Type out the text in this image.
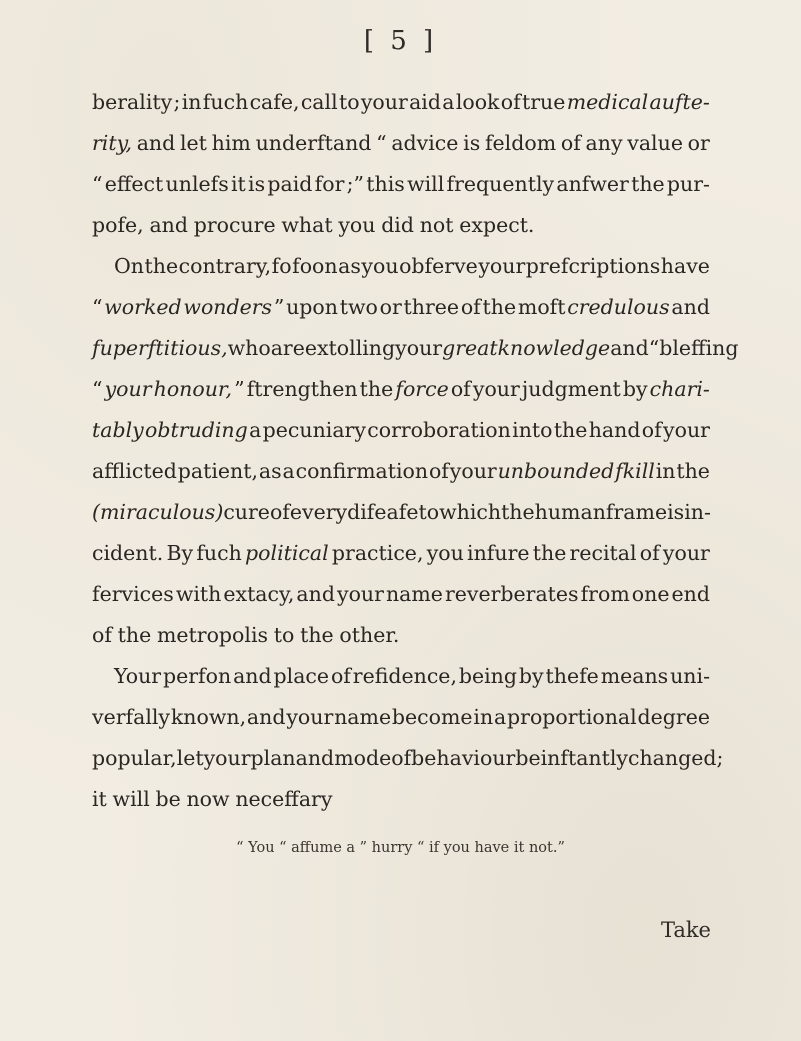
[ 5 ]
berality ; in fuch cafe, call to your aid a look of true medical aufte-
rity, and let him underftand “ advice is feldom of any value or
“ effect unlefs it is paid for ;” this will frequently anfwer the pur-
pofe, and procure what you did not expect.
On the contrary, fo foon as you obferve your prefcriptions have
“ worked wonders ” upon two or three of the moft credulous and
fuperftitious, who are extolling your great knowledge and “ bleffing
“ your honour, ” ftrengthen the force of your judgment by chari-
tably obtruding a pecuniary corroboration into the hand of your
afflicted patient, as a confirmation of your unbounded fkill in the
(miraculous) cure of every difeafe to which the human frame is in-
cident. By fuch political practice, you infure the recital of your
fervices with extacy, and your name reverberates from one end
of the metropolis to the other.
Your perfon and place of refidence, being by thefe means uni-
verfally known, and your name become in a proportional degree
popular, let your plan and mode of behaviour be inftantly changed ;
it will be now neceffary
“ You “ affume a ” hurry “ if you have it not.”
Take
